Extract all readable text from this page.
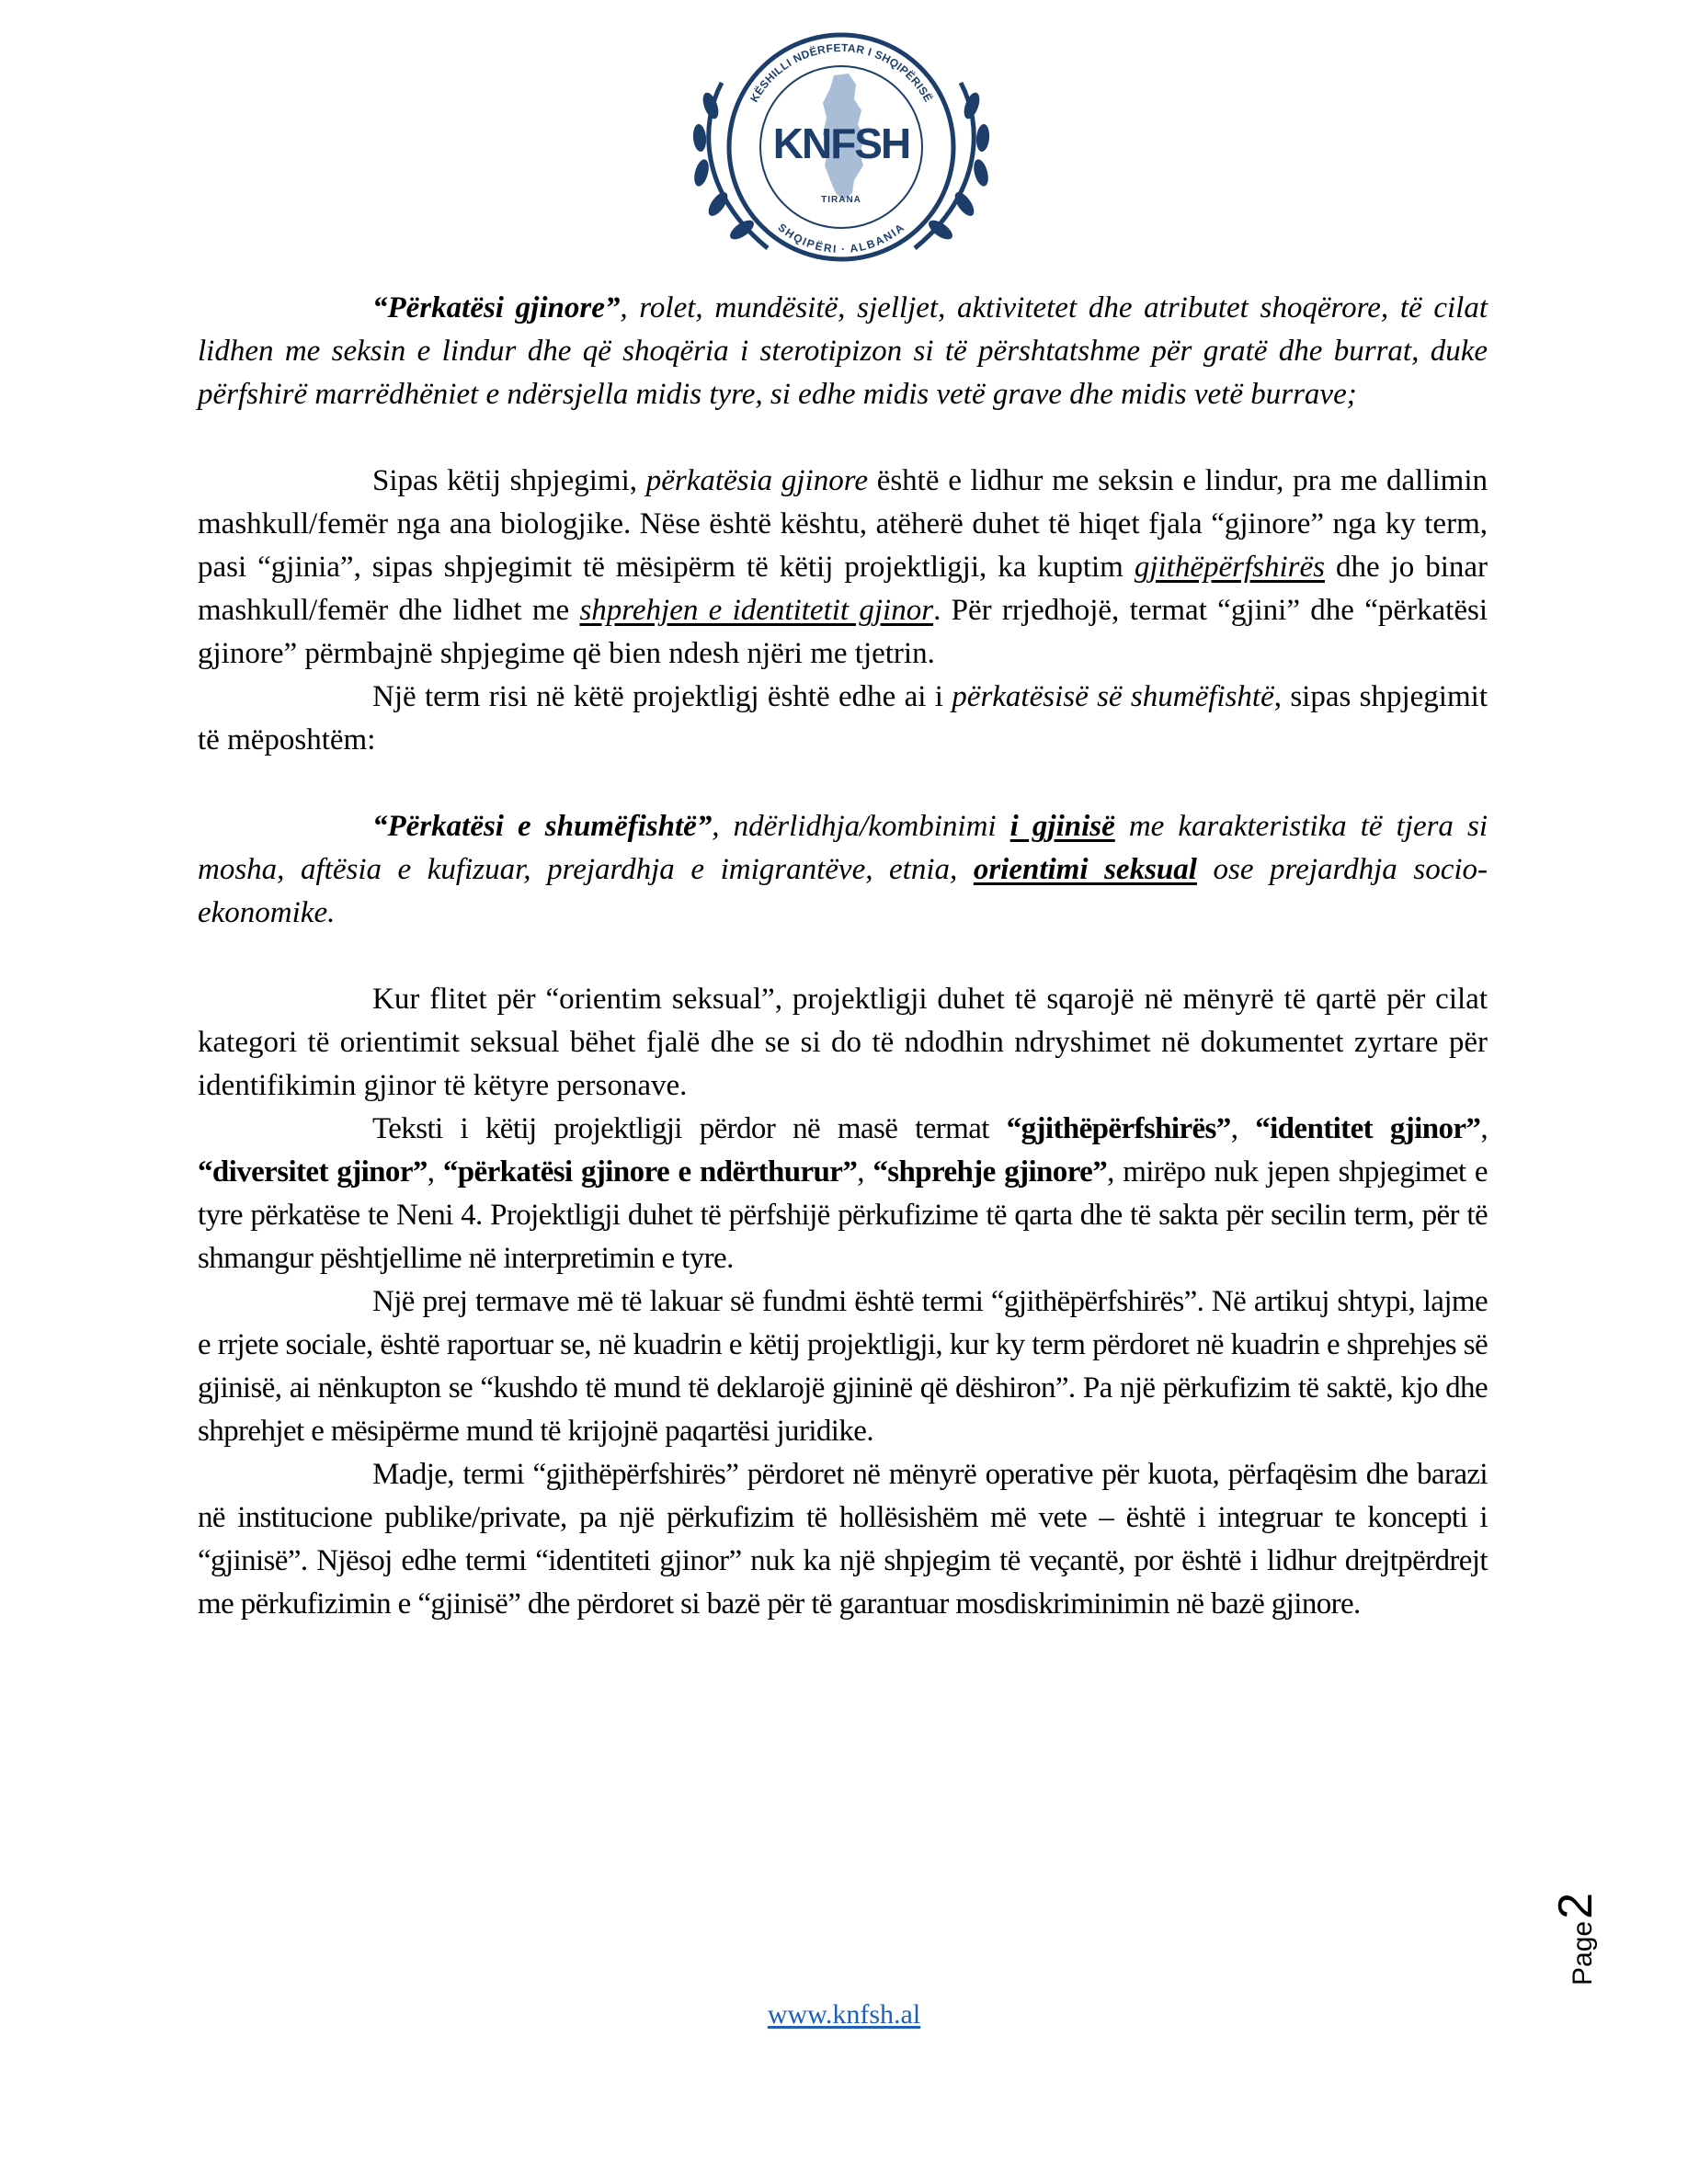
KËSHILLI NDËRFETAR I SHQIPËRISË
SHQIPËRI · ALBANIA
KNFSH
TIRANA

“Përkatësi gjinore”, rolet, mundësitë, sjelljet, aktivitetet dhe atributet shoqërore, të cilat lidhen me seksin e lindur dhe që shoqëria i sterotipizon si të përshtatshme për gratë dhe burrat, duke përfshirë marrëdhëniet e ndërsjella midis tyre, si edhe midis vetë grave dhe midis vetë burrave;

Sipas këtij shpjegimi, përkatësia gjinore është e lidhur me seksin e lindur, pra me dallimin mashkull/femër nga ana biologjike. Nëse është kështu, atëherë duhet të hiqet fjala “gjinore” nga ky term, pasi “gjinia”, sipas shpjegimit të mësipërm të këtij projektligji, ka kuptim gjithëpërfshirës dhe jo binar mashkull/femër dhe lidhet me shprehjen e identitetit gjinor. Për rrjedhojë, termat “gjini” dhe “përkatësi gjinore” përmbajnë shpjegime që bien ndesh njëri me tjetrin.

Një term risi në këtë projektligj është edhe ai i përkatësisë së shumëfishtë, sipas shpjegimit të mëposhtëm:

“Përkatësi e shumëfishtë”, ndërlidhja/kombinimi i gjinisë me karakteristika të tjera si mosha, aftësia e kufizuar, prejardhja e imigrantëve, etnia, orientimi seksual ose prejardhja socio-ekonomike.

Kur flitet për “orientim seksual”, projektligji duhet të sqarojë në mënyrë të qartë për cilat kategori të orientimit seksual bëhet fjalë dhe se si do të ndodhin ndryshimet në dokumentet zyrtare për identifikimin gjinor të këtyre personave.

Teksti i këtij projektligji përdor në masë termat “gjithëpërfshirës”, “identitet gjinor”, “diversitet gjinor”, “përkatësi gjinore e ndërthurur”, “shprehje gjinore”, mirëpo nuk jepen shpjegimet e tyre përkatëse te Neni 4. Projektligji duhet të përfshijë përkufizime të qarta dhe të sakta për secilin term, për të shmangur pështjellime në interpretimin e tyre.

Një prej termave më të lakuar së fundmi është termi “gjithëpërfshirës”. Në artikuj shtypi, lajme e rrjete sociale, është raportuar se, në kuadrin e këtij projektligji, kur ky term përdoret në kuadrin e shprehjes së gjinisë, ai nënkupton se “kushdo të mund të deklarojë gjininë që dëshiron”. Pa një përkufizim të saktë, kjo dhe shprehjet e mësipërme mund të krijojnë paqartësi juridike.

Madje, termi “gjithëpërfshirës” përdoret në mënyrë operative për kuota, përfaqësim dhe barazi në institucione publike/private, pa një përkufizim të hollësishëm më vete – është i integruar te koncepti i “gjinisë”. Njësoj edhe termi “identiteti gjinor” nuk ka një shpjegim të veçantë, por është i lidhur drejtpërdrejt me përkufizimin e “gjinisë” dhe përdoret si bazë për të garantuar mosdiskriminimin në bazë gjinore.

Page
2
www.knfsh.al
